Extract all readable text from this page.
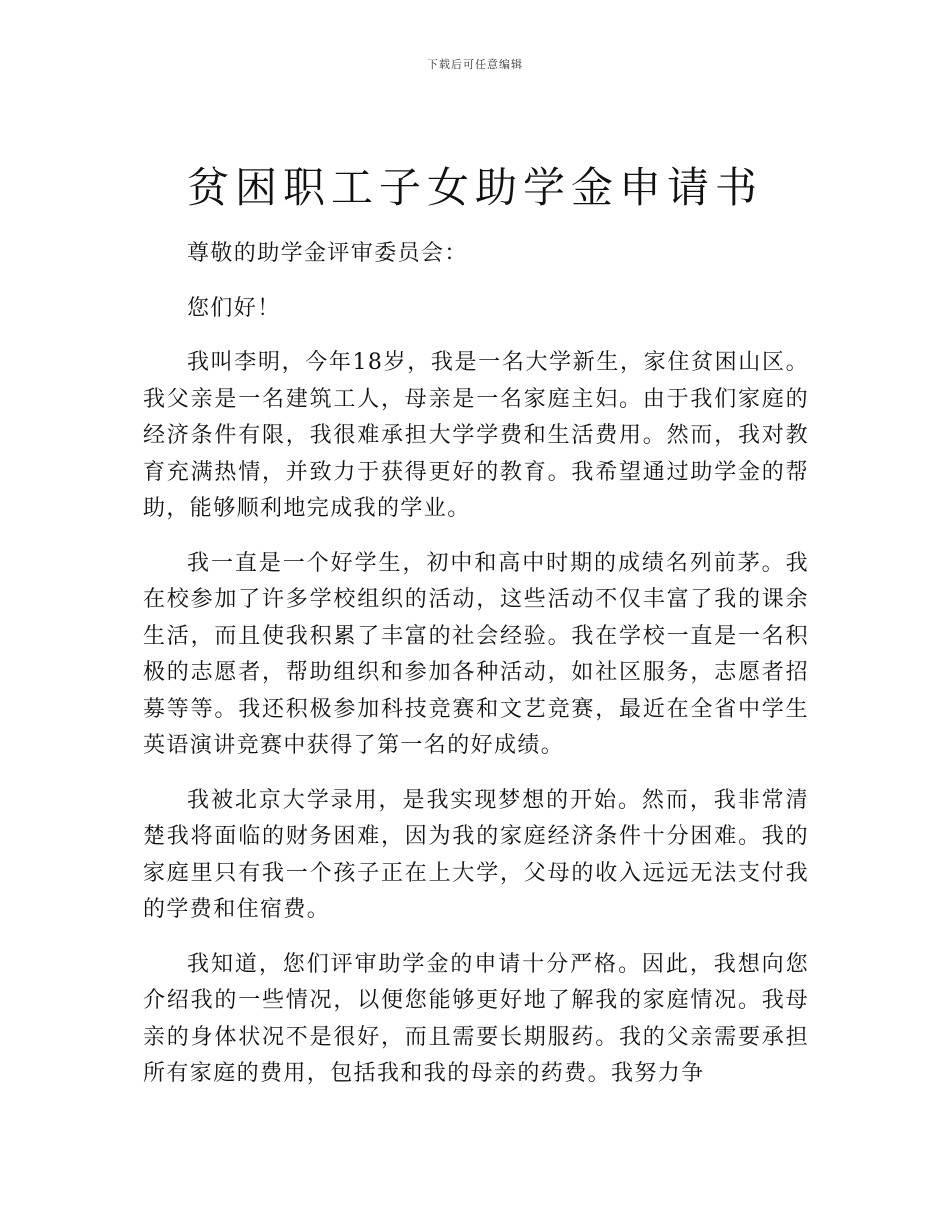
下载后可任意编辑
贫困职工子女助学金申请书

尊敬的助学金评审委员会：

您们好！

我叫李明，今年18岁，我是一名大学新生，家住贫困山区。我父亲是一名建筑工人，母亲是一名家庭主妇。由于我们家庭的经济条件有限，我很难承担大学学费和生活费用。然而，我对教育充满热情，并致力于获得更好的教育。我希望通过助学金的帮助，能够顺利地完成我的学业。

我一直是一个好学生，初中和高中时期的成绩名列前茅。我在校参加了许多学校组织的活动，这些活动不仅丰富了我的课余生活，而且使我积累了丰富的社会经验。我在学校一直是一名积极的志愿者，帮助组织和参加各种活动，如社区服务，志愿者招募等等。我还积极参加科技竞赛和文艺竞赛，最近在全省中学生英语演讲竞赛中获得了第一名的好成绩。

我被北京大学录用，是我实现梦想的开始。然而，我非常清楚我将面临的财务困难，因为我的家庭经济条件十分困难。我的家庭里只有我一个孩子正在上大学，父母的收入远远无法支付我的学费和住宿费。

我知道，您们评审助学金的申请十分严格。因此，我想向您介绍我的一些情况，以便您能够更好地了解我的家庭情况。我母亲的身体状况不是很好，而且需要长期服药。我的父亲需要承担所有家庭的费用，包括我和我的母亲的药费。我努力争
